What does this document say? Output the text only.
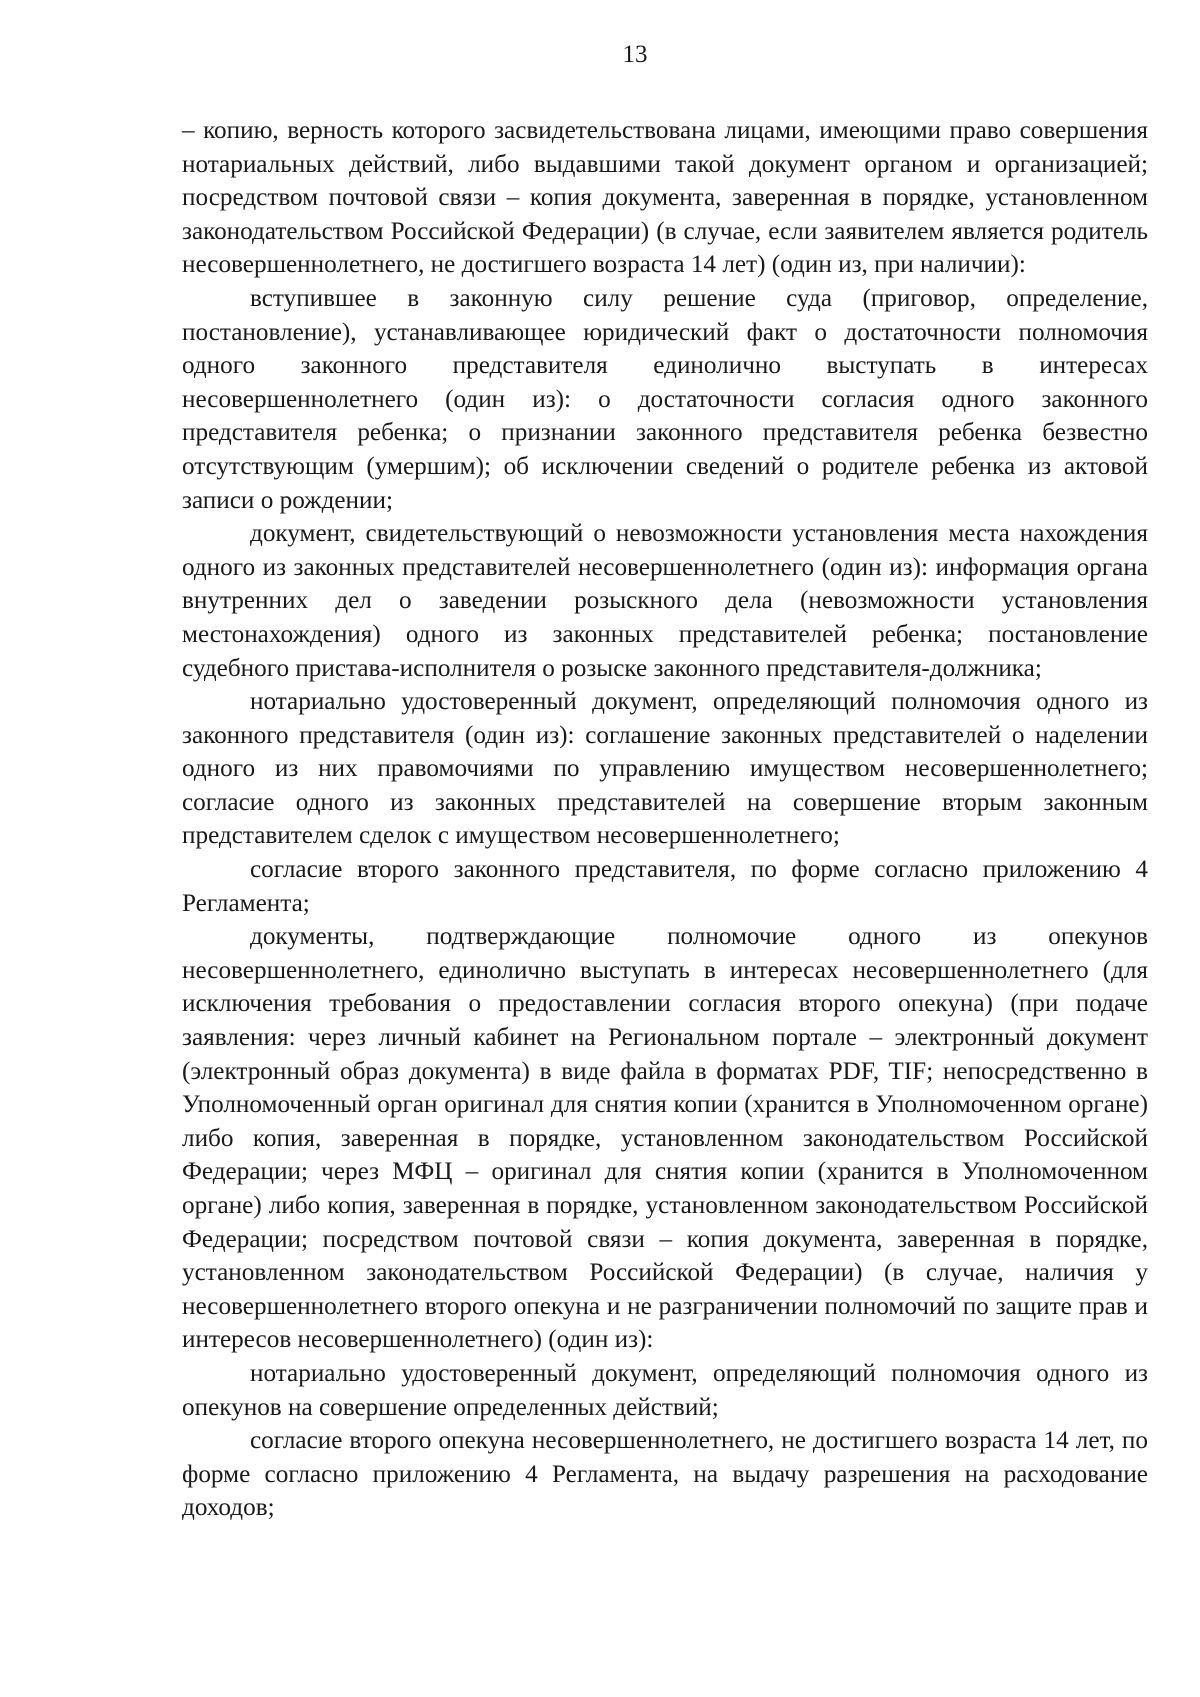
13

– копию, верность которого засвидетельствована лицами, имеющими право совершения нотариальных действий, либо выдавшими такой документ органом и организацией; посредством почтовой связи – копия документа, заверенная в порядке, установленном законодательством Российской Федерации) (в случае, если заявителем является родитель несовершеннолетнего, не достигшего возраста 14 лет) (один из, при наличии):

вступившее в законную силу решение суда (приговор, определение, постановление), устанавливающее юридический факт о достаточности полномочия одного законного представителя единолично выступать в интересах несовершеннолетнего (один из): о достаточности согласия одного законного представителя ребенка; о признании законного представителя ребенка безвестно отсутствующим (умершим); об исключении сведений о родителе ребенка из актовой записи о рождении;

документ, свидетельствующий о невозможности установления места нахождения одного из законных представителей несовершеннолетнего (один из): информация органа внутренних дел о заведении розыскного дела (невозможности установления местонахождения) одного из законных представителей ребенка; постановление судебного пристава-исполнителя о розыске законного представителя-должника;

нотариально удостоверенный документ, определяющий полномочия одного из законного представителя (один из): соглашение законных представителей о наделении одного из них правомочиями по управлению имуществом несовершеннолетнего; согласие одного из законных представителей на совершение вторым законным представителем сделок с имуществом несовершеннолетнего;

согласие второго законного представителя, по форме согласно приложению 4 Регламента;

документы, подтверждающие полномочие одного из опекунов несовершеннолетнего, единолично выступать в интересах несовершеннолетнего (для исключения требования о предоставлении согласия второго опекуна) (при подаче заявления: через личный кабинет на Региональном портале – электронный документ (электронный образ документа) в виде файла в форматах PDF, TIF; непосредственно в Уполномоченный орган оригинал для снятия копии (хранится в Уполномоченном органе) либо копия, заверенная в порядке, установленном законодательством Российской Федерации; через МФЦ – оригинал для снятия копии (хранится в Уполномоченном органе) либо копия, заверенная в порядке, установленном законодательством Российской Федерации; посредством почтовой связи – копия документа, заверенная в порядке, установленном законодательством Российской Федерации) (в случае, наличия у несовершеннолетнего второго опекуна и не разграничении полномочий по защите прав и интересов несовершеннолетнего) (один из):

нотариально удостоверенный документ, определяющий полномочия одного из опекунов на совершение определенных действий;

согласие второго опекуна несовершеннолетнего, не достигшего возраста 14 лет, по форме согласно приложению 4 Регламента, на выдачу разрешения на расходование доходов;
